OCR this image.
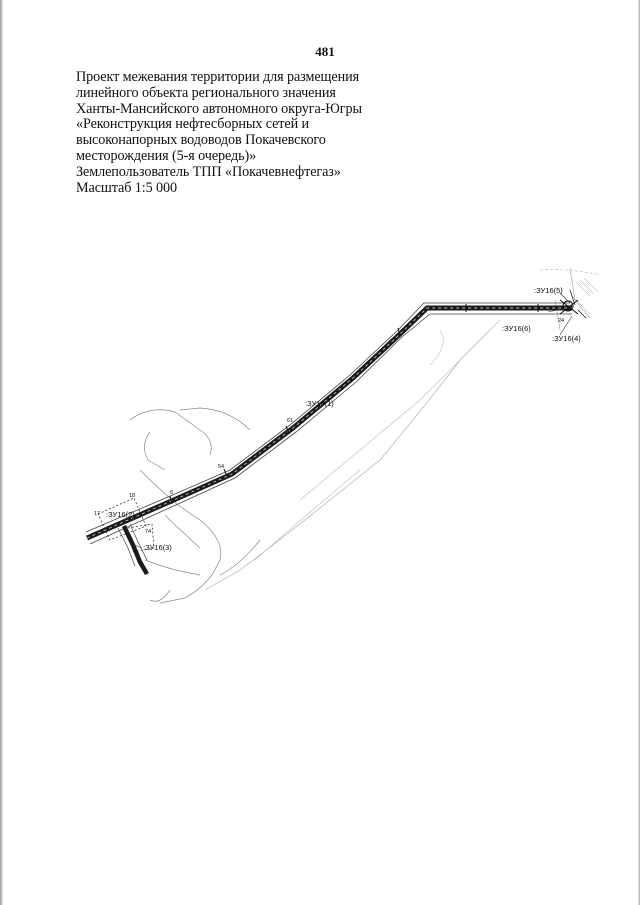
481
Проект межевания территории для размещения
линейного объекта регионального значения
Ханты-Мансийского автономного округа-Югры
«Реконструкция нефтесборных сетей и
высоконапорных водоводов Покачевского
месторождения (5-я очередь)»
Землепользователь ТПП «Покачевнефтегаз»
Масштаб 1:5 000
:ЗУ16(5)
:ЗУ16(6)
:ЗУ16(4)
:ЗУ16(1)
:ЗУ16(2)
:ЗУ16(3)
17
18
74
6
54
61
24
